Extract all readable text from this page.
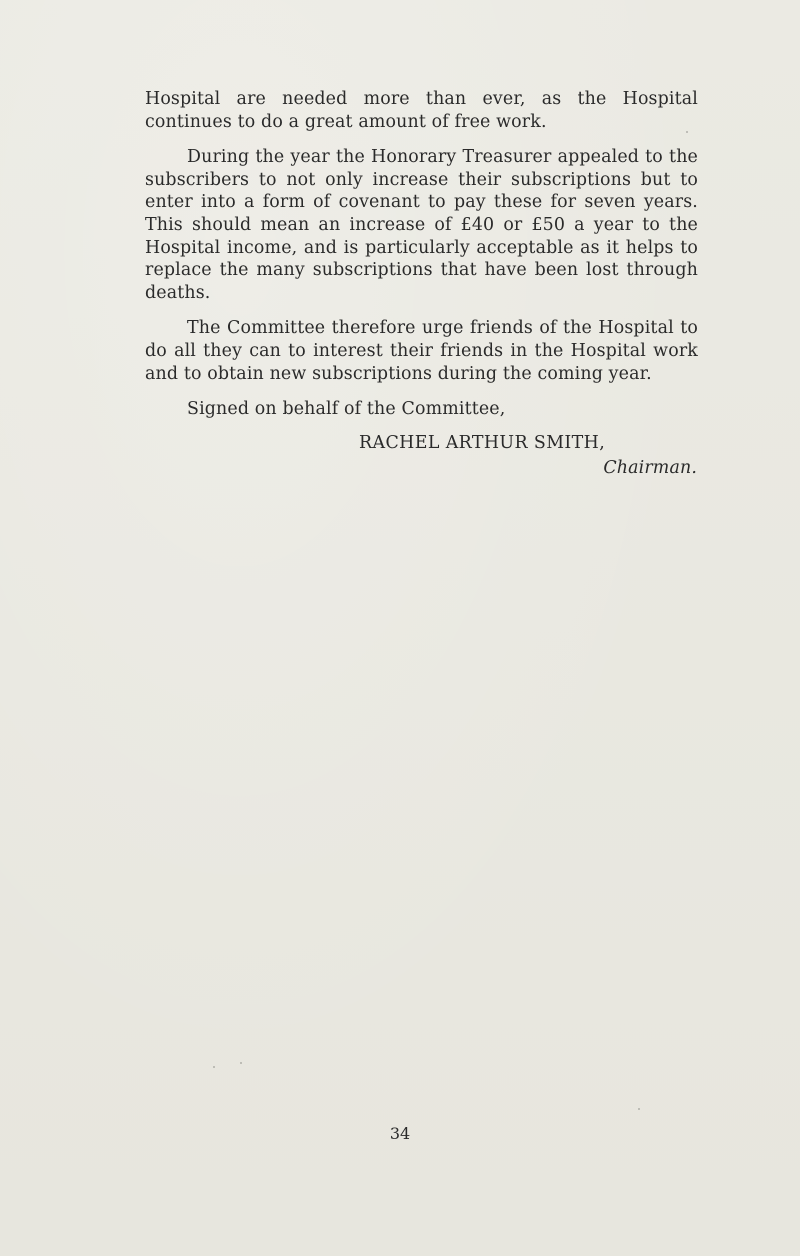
Hospital are needed more than ever, as the Hospital continues to do a great amount of free work.

During the year the Honorary Treasurer appealed to the subscribers to not only increase their subscriptions but to enter into a form of covenant to pay these for seven years. This should mean an increase of £40 or £50 a year to the Hospital income, and is particularly acceptable as it helps to replace the many subscriptions that have been lost through deaths.

The Committee therefore urge friends of the Hospital to do all they can to interest their friends in the Hospital work and to obtain new subscriptions during the coming year.

Signed on behalf of the Committee,

RACHEL ARTHUR SMITH,

Chairman.

34
